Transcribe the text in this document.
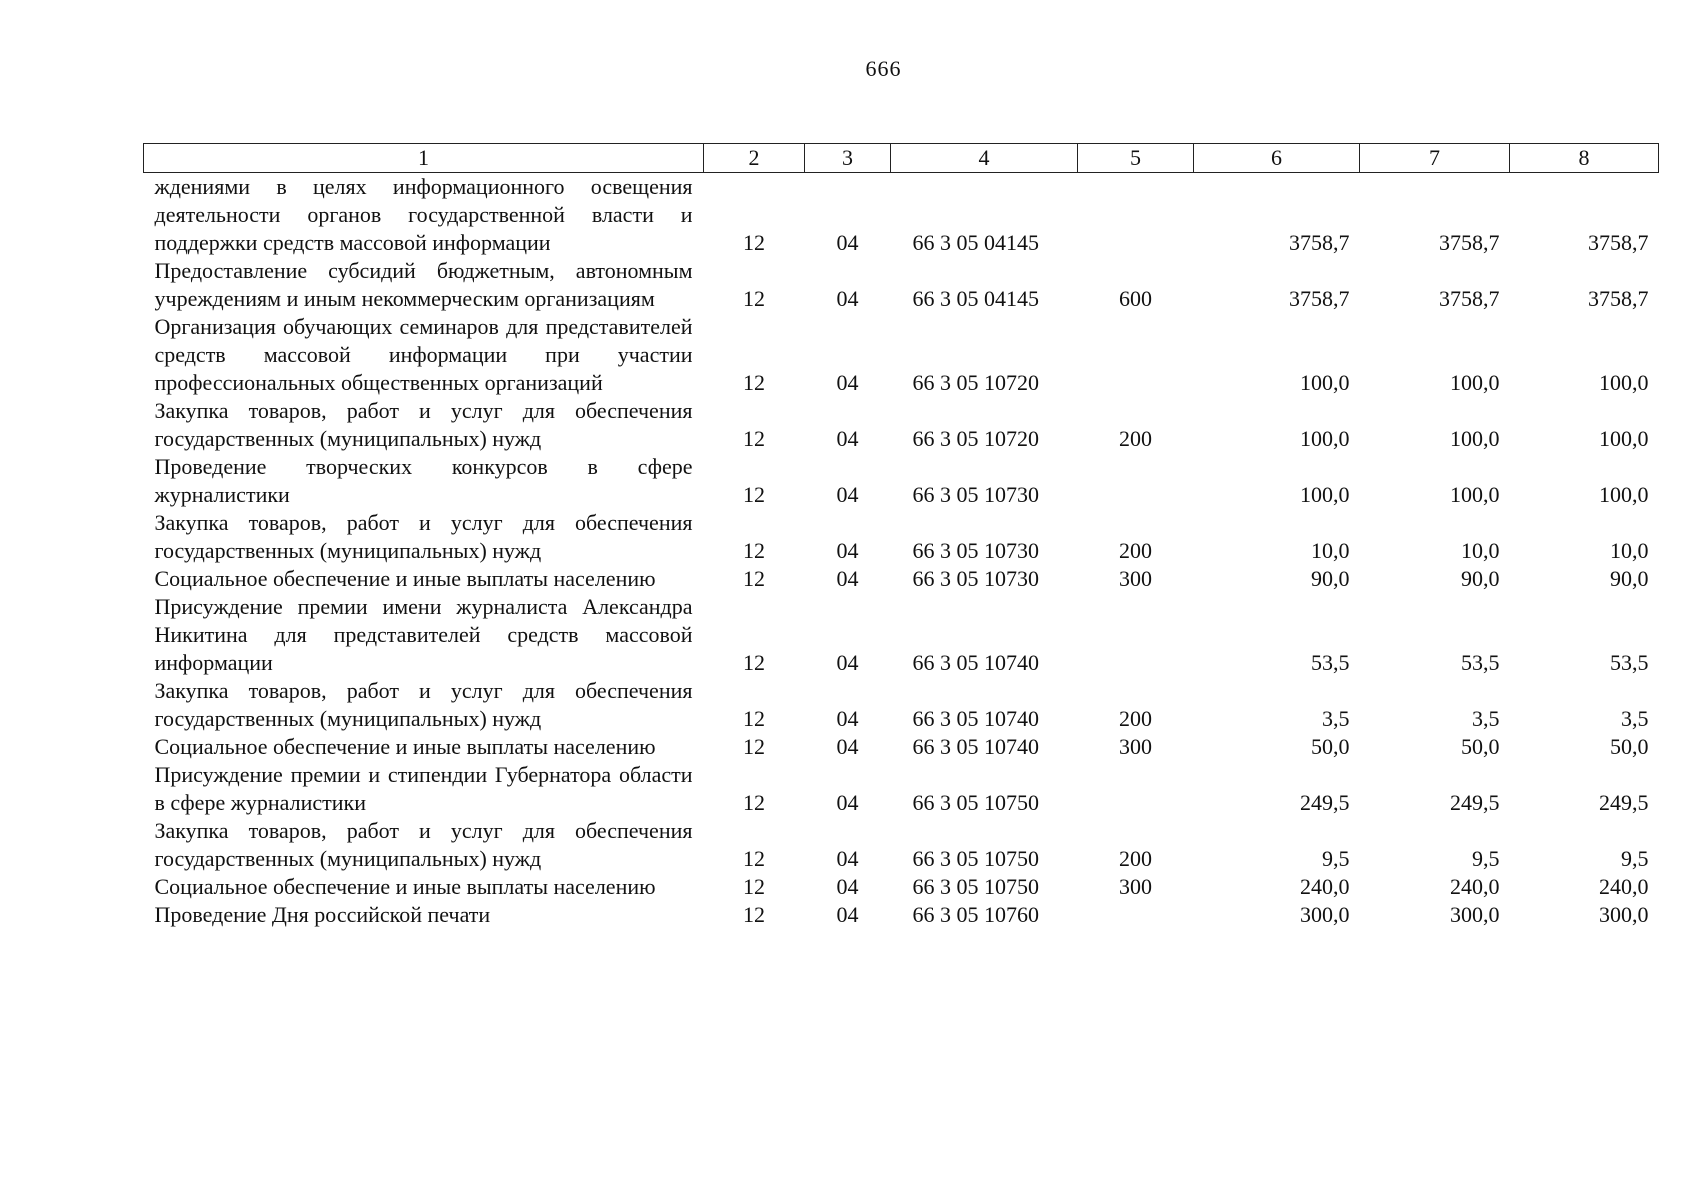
666
1	2	3	4	5	6	7	8
ждениями в целях информационного освещения деятельности органов государственной власти и поддержки средств массовой информации	12	04	66 3 05 04145		3758,7	3758,7	3758,7
Предоставление субсидий бюджетным, автономным учреждениям и иным некоммерческим организациям	12	04	66 3 05 04145	600	3758,7	3758,7	3758,7
Организация обучающих семинаров для представителей средств массовой информации при участии профессиональных общественных организаций	12	04	66 3 05 10720		100,0	100,0	100,0
Закупка товаров, работ и услуг для обеспечения государственных (муниципальных) нужд	12	04	66 3 05 10720	200	100,0	100,0	100,0
Проведение творческих конкурсов в сфере журналистики	12	04	66 3 05 10730		100,0	100,0	100,0
Закупка товаров, работ и услуг для обеспечения государственных (муниципальных) нужд	12	04	66 3 05 10730	200	10,0	10,0	10,0
Социальное обеспечение и иные выплаты населению	12	04	66 3 05 10730	300	90,0	90,0	90,0
Присуждение премии имени журналиста Александра Никитина для представителей средств массовой информации	12	04	66 3 05 10740		53,5	53,5	53,5
Закупка товаров, работ и услуг для обеспечения государственных (муниципальных) нужд	12	04	66 3 05 10740	200	3,5	3,5	3,5
Социальное обеспечение и иные выплаты населению	12	04	66 3 05 10740	300	50,0	50,0	50,0
Присуждение премии и стипендии Губернатора области в сфере журналистики	12	04	66 3 05 10750		249,5	249,5	249,5
Закупка товаров, работ и услуг для обеспечения государственных (муниципальных) нужд	12	04	66 3 05 10750	200	9,5	9,5	9,5
Социальное обеспечение и иные выплаты населению	12	04	66 3 05 10750	300	240,0	240,0	240,0
Проведение Дня российской печати	12	04	66 3 05 10760		300,0	300,0	300,0
